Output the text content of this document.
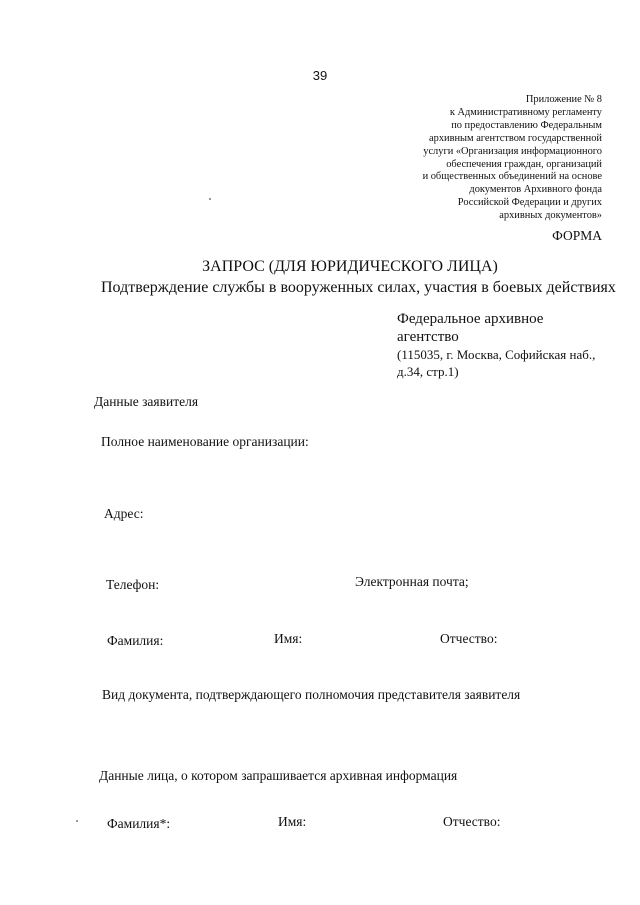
39
Приложение № 8
к Административному регламенту
по предоставлению Федеральным
архивным агентством государственной
услуги «Организация информационного
обеспечения граждан, организаций
и общественных объединений на основе
документов Архивного фонда
Российской Федерации и других
архивных документов»
ФОРМА
ЗАПРОС (ДЛЯ ЮРИДИЧЕСКОГО ЛИЦА)
Подтверждение службы в вооруженных силах, участия в боевых действиях
Федеральное архивное
агентство
(115035, г. Москва, Софийская наб.,
д.34, стр.1)
Данные заявителя
Полное наименование организации:
Адрес:
Телефон:	Электронная почта;
Фамилия:	Имя:	Отчество:
Вид документа, подтверждающего полномочия представителя заявителя
Данные лица, о котором запрашивается архивная информация
Фамилия*:	Имя:	Отчество:
